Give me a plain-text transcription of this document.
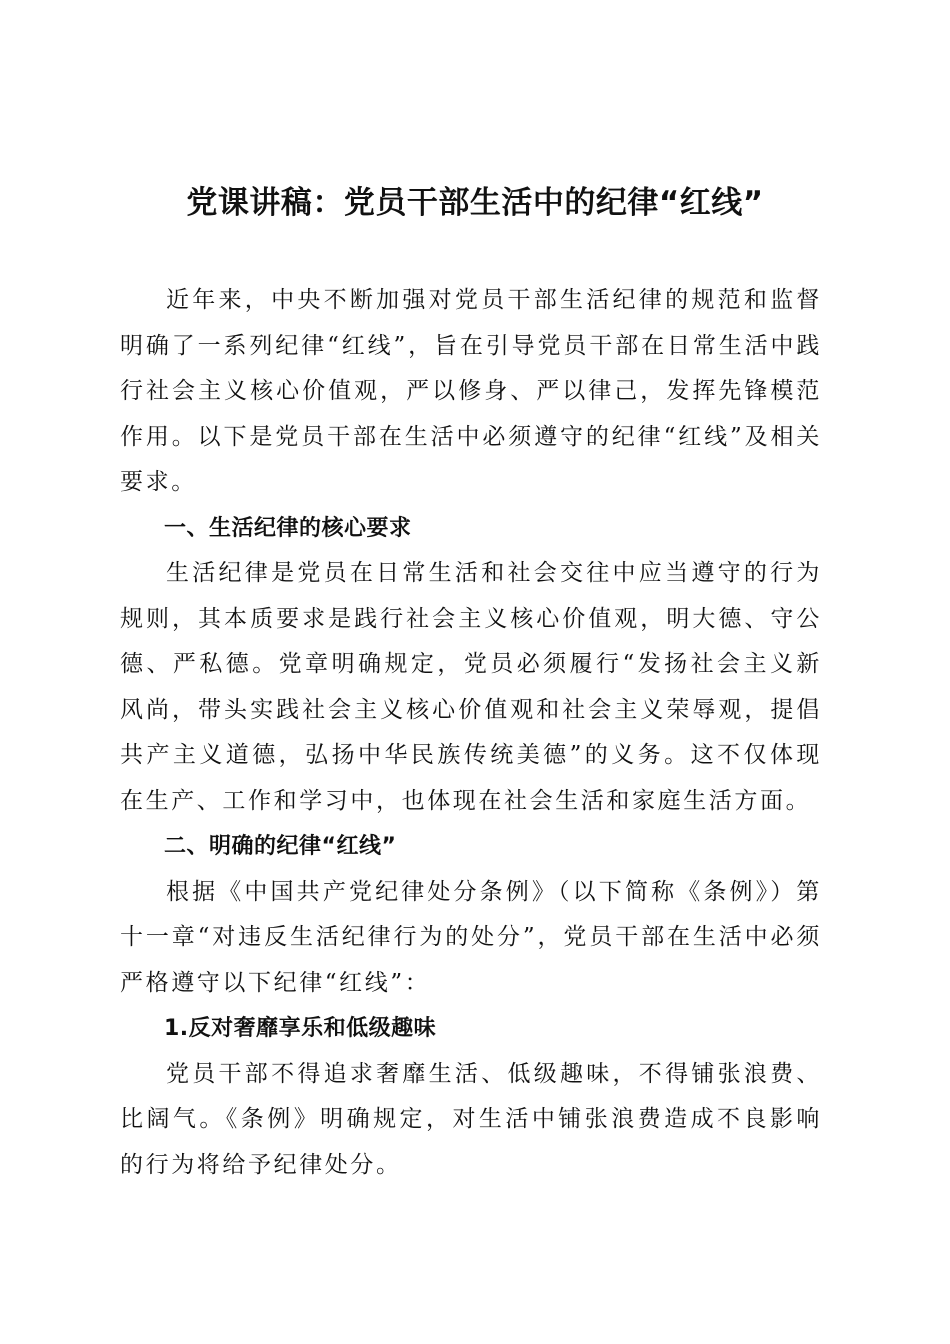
党课讲稿：党员干部生活中的纪律“红线”

近年来，中央不断加强对党员干部生活纪律的规范和监督明确了一系列纪律“红线”，旨在引导党员干部在日常生活中践行社会主义核心价值观，严以修身、严以律己，发挥先锋模范作用。以下是党员干部在生活中必须遵守的纪律“红线”及相关要求。

一、生活纪律的核心要求

生活纪律是党员在日常生活和社会交往中应当遵守的行为规则，其本质要求是践行社会主义核心价值观，明大德、守公德、严私德。党章明确规定，党员必须履行“发扬社会主义新风尚，带头实践社会主义核心价值观和社会主义荣辱观，提倡共产主义道德，弘扬中华民族传统美德”的义务。这不仅体现在生产、工作和学习中，也体现在社会生活和家庭生活方面。

二、明确的纪律“红线”

根据《中国共产党纪律处分条例》（以下简称《条例》）第十一章“对违反生活纪律行为的处分”，党员干部在生活中必须严格遵守以下纪律“红线”：

1.反对奢靡享乐和低级趣味

党员干部不得追求奢靡生活、低级趣味，不得铺张浪费、比阔气。《条例》明确规定，对生活中铺张浪费造成不良影响的行为将给予纪律处分。
